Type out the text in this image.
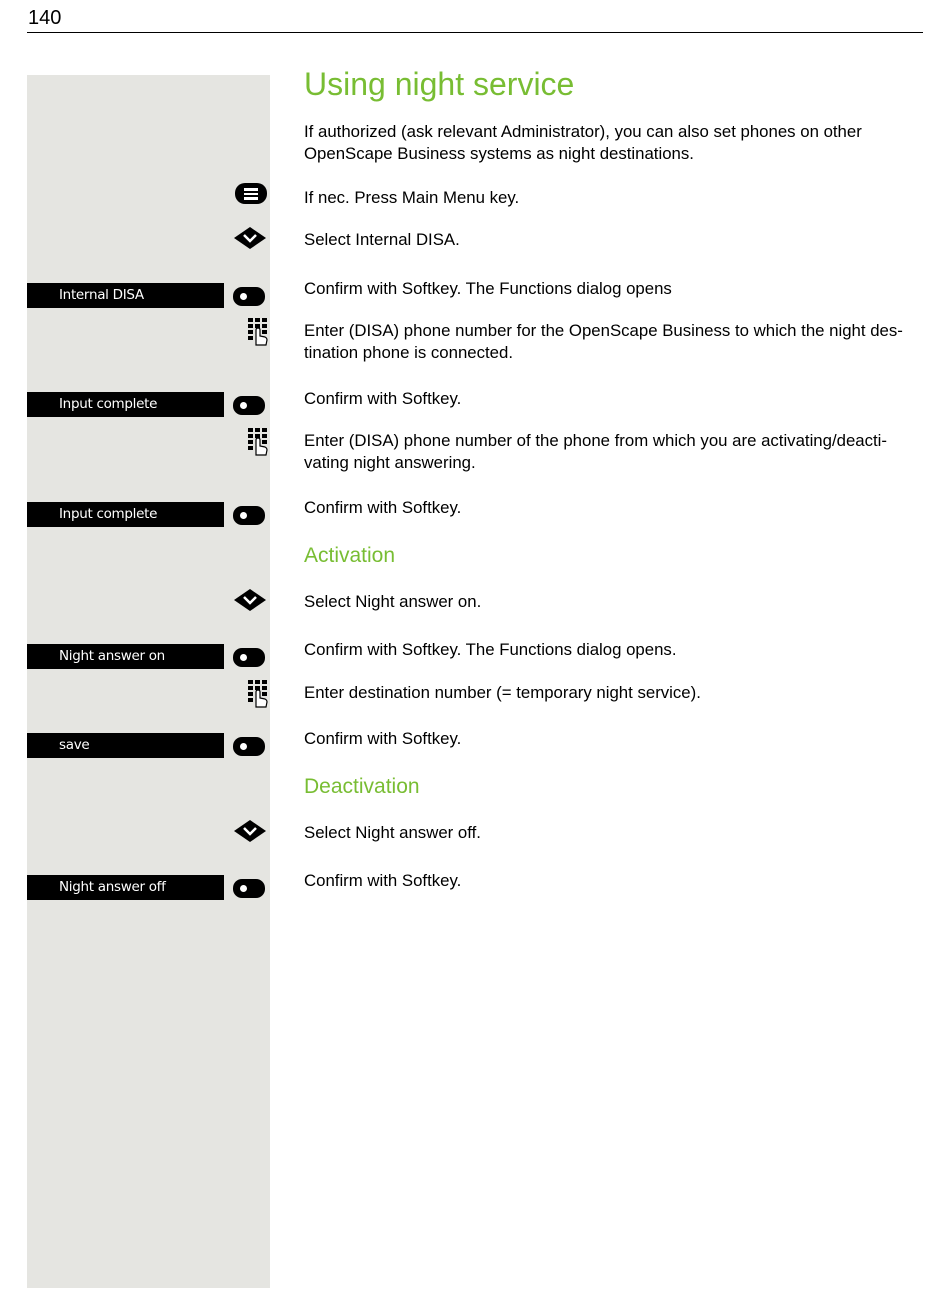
140
Using night service

If authorized (ask relevant Administrator), you can also set phones on other OpenScape Business systems as night destinations.

If nec. Press Main Menu key.

Select Internal DISA.

Internal DISA	Confirm with Softkey. The Functions dialog opens

Enter (DISA) phone number for the OpenScape Business to which the night des-tination phone is connected.

Input complete	Confirm with Softkey.

Enter (DISA) phone number of the phone from which you are activating/deacti-vating night answering.

Input complete	Confirm with Softkey.

Activation

Select Night answer on.

Night answer on	Confirm with Softkey. The Functions dialog opens.

Enter destination number (= temporary night service).

save	Confirm with Softkey.

Deactivation

Select Night answer off.

Night answer off	Confirm with Softkey.
